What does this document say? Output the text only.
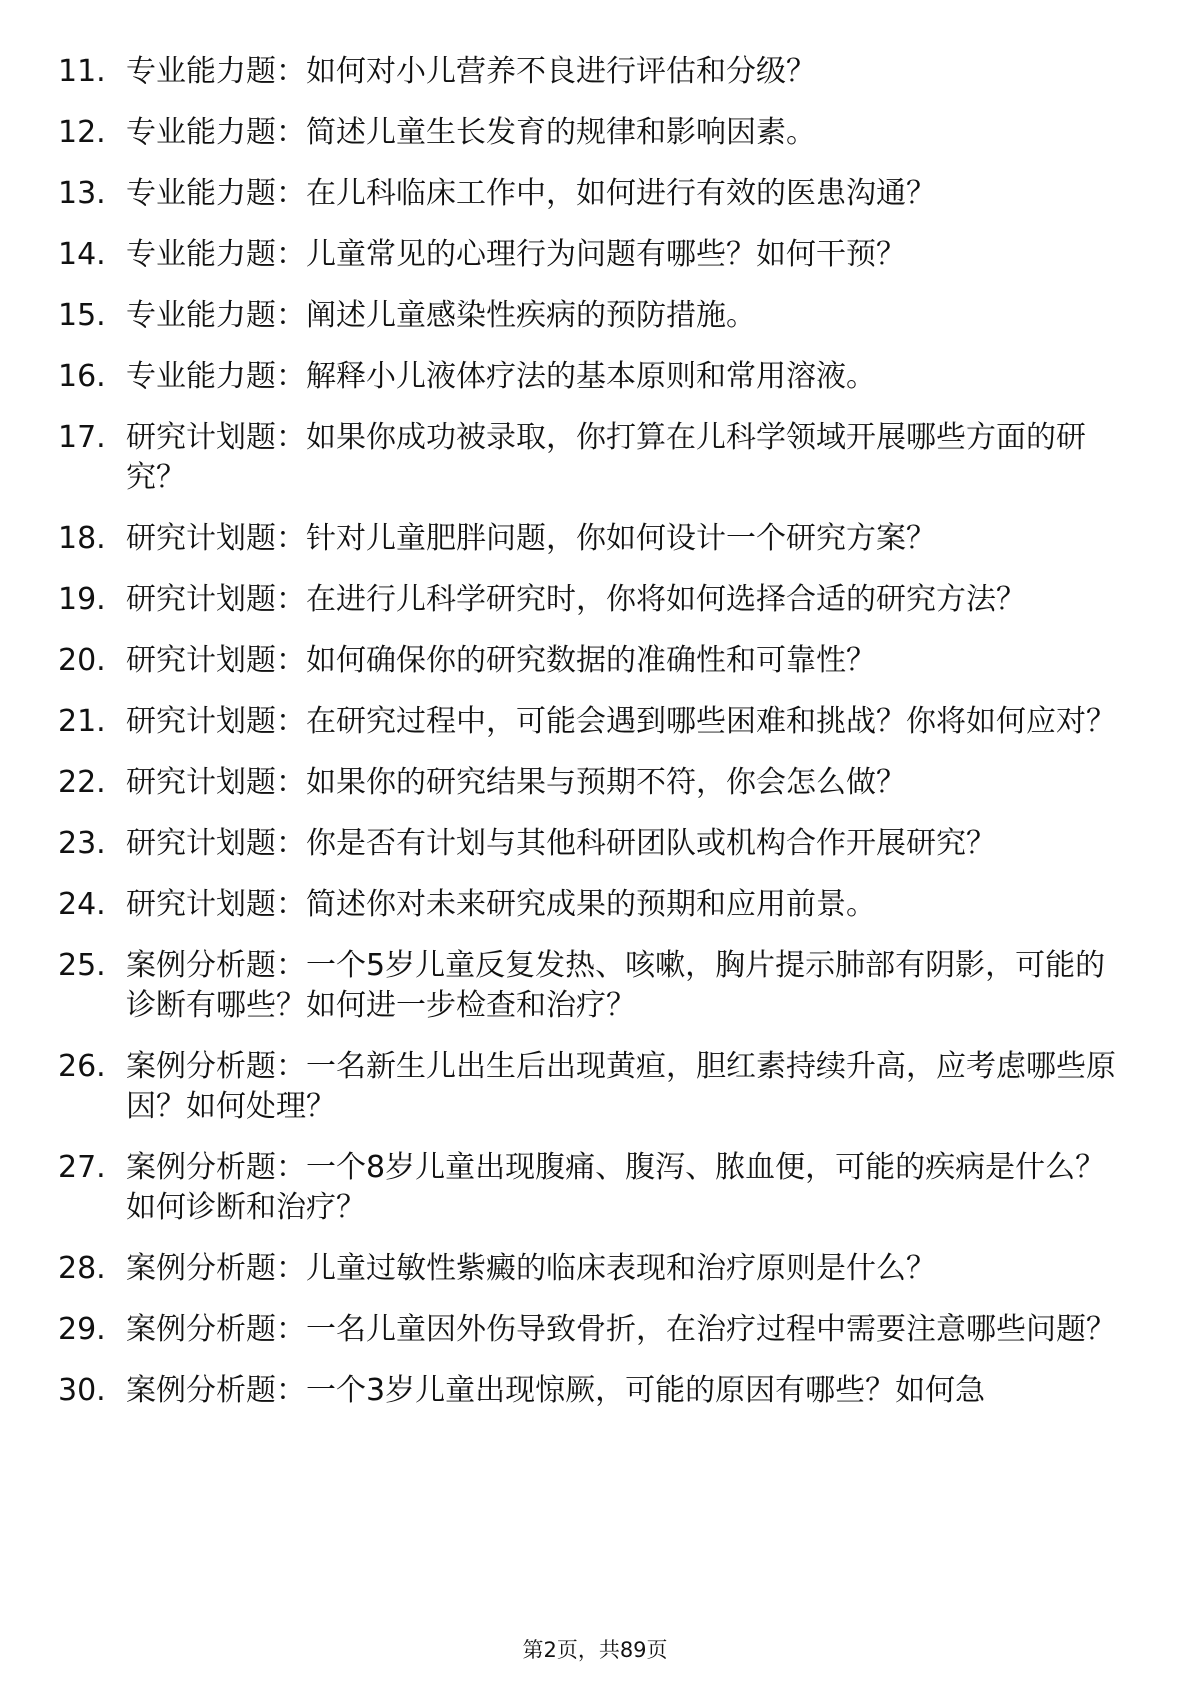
11. 专业能力题：如何对小儿营养不良进行评估和分级？
12. 专业能力题：简述儿童生长发育的规律和影响因素。
13. 专业能力题：在儿科临床工作中，如何进行有效的医患沟通？
14. 专业能力题：儿童常见的心理行为问题有哪些？如何干预？
15. 专业能力题：阐述儿童感染性疾病的预防措施。
16. 专业能力题：解释小儿液体疗法的基本原则和常用溶液。
17. 研究计划题：如果你成功被录取，你打算在儿科学领域开展哪些方面的研究？
18. 研究计划题：针对儿童肥胖问题，你如何设计一个研究方案？
19. 研究计划题：在进行儿科学研究时，你将如何选择合适的研究方法？
20. 研究计划题：如何确保你的研究数据的准确性和可靠性？
21. 研究计划题：在研究过程中，可能会遇到哪些困难和挑战？你将如何应对？
22. 研究计划题：如果你的研究结果与预期不符，你会怎么做？
23. 研究计划题：你是否有计划与其他科研团队或机构合作开展研究？
24. 研究计划题：简述你对未来研究成果的预期和应用前景。
25. 案例分析题：一个5岁儿童反复发热、咳嗽，胸片提示肺部有阴影，可能的诊断有哪些？如何进一步检查和治疗？
26. 案例分析题：一名新生儿出生后出现黄疸，胆红素持续升高，应考虑哪些原因？如何处理？
27. 案例分析题：一个8岁儿童出现腹痛、腹泻、脓血便，可能的疾病是什么？如何诊断和治疗？
28. 案例分析题：儿童过敏性紫癜的临床表现和治疗原则是什么？
29. 案例分析题：一名儿童因外伤导致骨折，在治疗过程中需要注意哪些问题？
30. 案例分析题：一个3岁儿童出现惊厥，可能的原因有哪些？如何急
第2页，共89页
